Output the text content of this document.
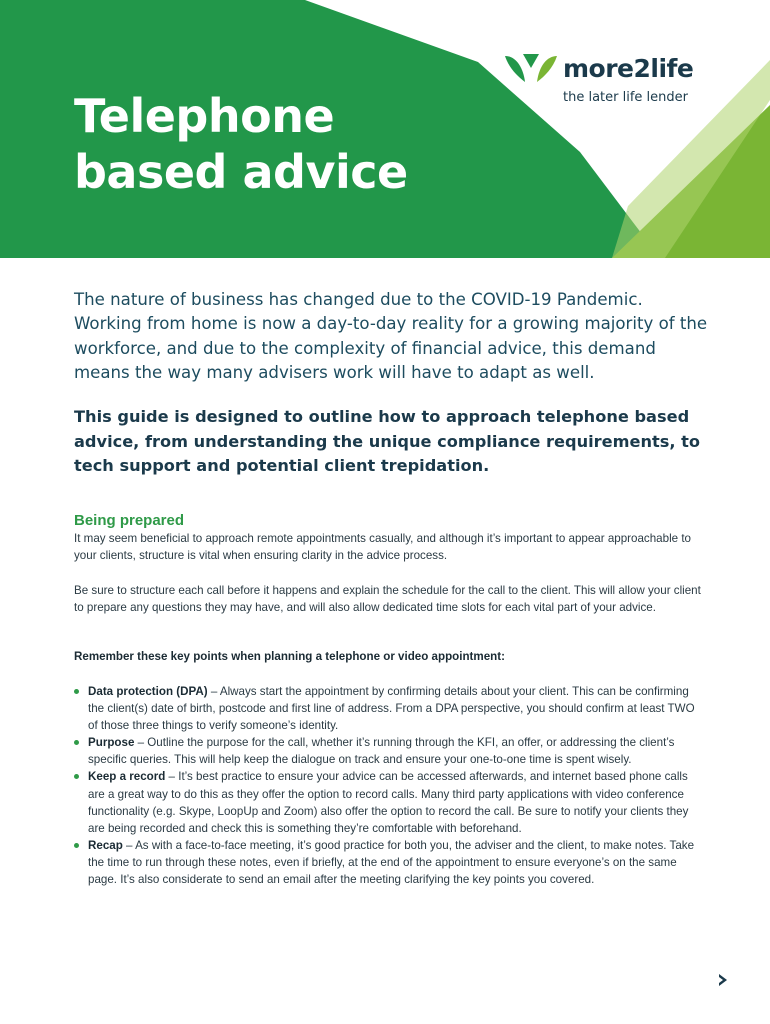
Telephone
based advice
more2life
the later life lender

The nature of business has changed due to the COVID-19 Pandemic. Working from home is now a day-to-day reality for a growing majority of the workforce, and due to the complexity of financial advice, this demand means the way many advisers work will have to adapt as well.

This guide is designed to outline how to approach telephone based advice, from understanding the unique compliance requirements, to tech support and potential client trepidation.

Being prepared

It may seem beneficial to approach remote appointments casually, and although it’s important to appear approachable to your clients, structure is vital when ensuring clarity in the advice process.

Be sure to structure each call before it happens and explain the schedule for the call to the client. This will allow your client to prepare any questions they may have, and will also allow dedicated time slots for each vital part of your advice.

Remember these key points when planning a telephone or video appointment:

Data protection (DPA) – Always start the appointment by confirming details about your client. This can be confirming the client(s) date of birth, postcode and first line of address. From a DPA perspective, you should confirm at least TWO of those three things to verify someone’s identity.
Purpose – Outline the purpose for the call, whether it’s running through the KFI, an offer, or addressing the client’s specific queries. This will help keep the dialogue on track and ensure your one-to-one time is spent wisely.
Keep a record – It’s best practice to ensure your advice can be accessed afterwards, and internet based phone calls are a great way to do this as they offer the option to record calls. Many third party applications with video conference functionality (e.g. Skype, LoopUp and Zoom) also offer the option to record the call. Be sure to notify your clients they are being recorded and check this is something they’re comfortable with beforehand.
Recap – As with a face-to-face meeting, it’s good practice for both you, the adviser and the client, to make notes. Take the time to run through these notes, even if briefly, at the end of the appointment to ensure everyone’s on the same page. It’s also considerate to send an email after the meeting clarifying the key points you covered.
